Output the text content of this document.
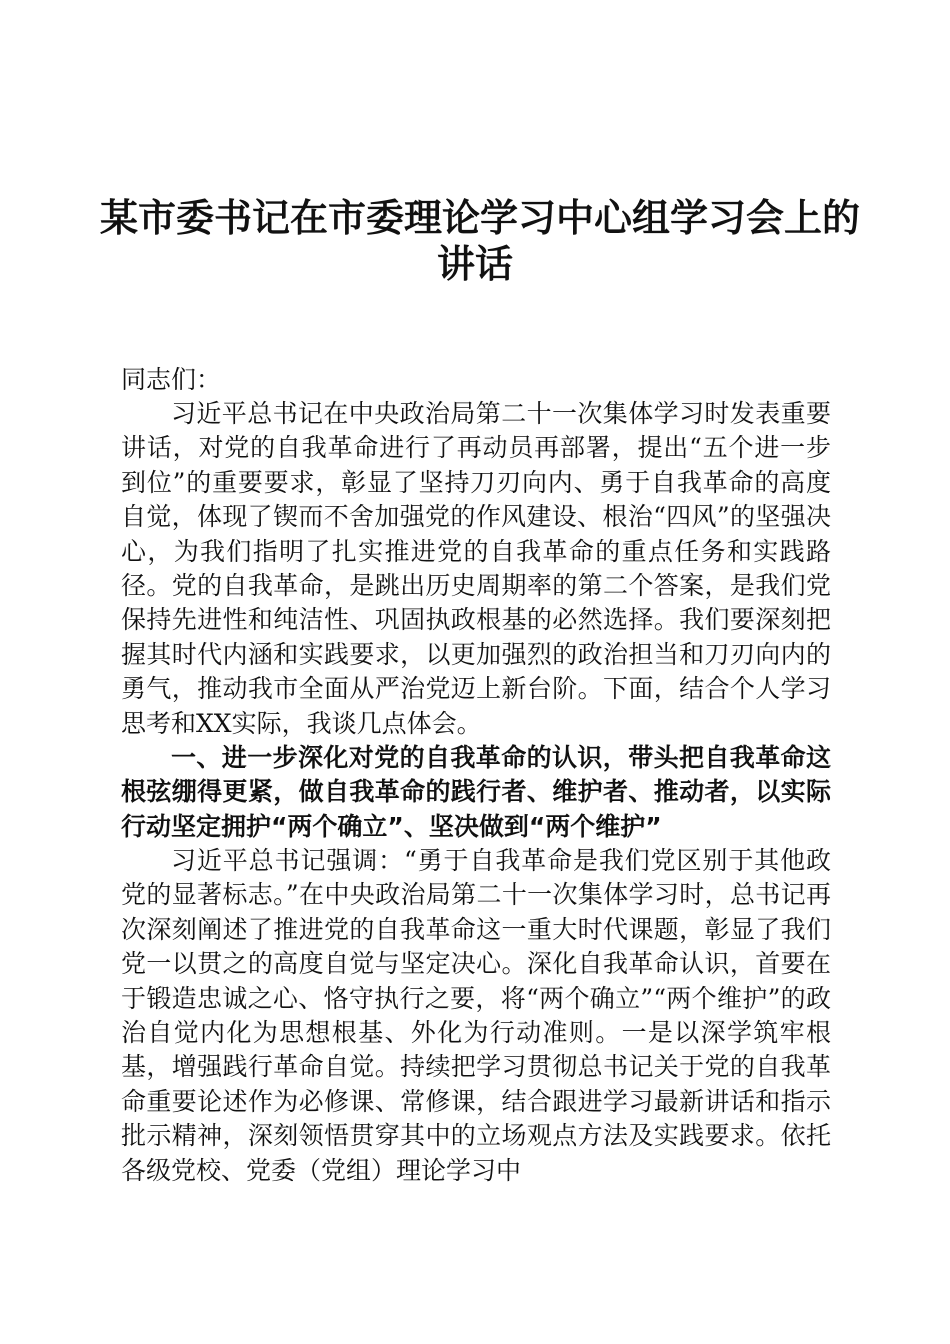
某市委书记在市委理论学习中心组学习会上的
讲话

同志们：

习近平总书记在中央政治局第二十一次集体学习时发表重要讲话，对党的自我革命进行了再动员再部署，提出“五个进一步到位”的重要要求，彰显了坚持刀刃向内、勇于自我革命的高度自觉，体现了锲而不舍加强党的作风建设、根治“四风”的坚强决心，为我们指明了扎实推进党的自我革命的重点任务和实践路径。党的自我革命，是跳出历史周期率的第二个答案，是我们党保持先进性和纯洁性、巩固执政根基的必然选择。我们要深刻把握其时代内涵和实践要求，以更加强烈的政治担当和刀刃向内的勇气，推动我市全面从严治党迈上新台阶。下面，结合个人学习思考和XX实际，我谈几点体会。

一、进一步深化对党的自我革命的认识，带头把自我革命这根弦绷得更紧，做自我革命的践行者、维护者、推动者，以实际行动坚定拥护“两个确立”、坚决做到“两个维护”

习近平总书记强调：“勇于自我革命是我们党区别于其他政党的显著标志。”在中央政治局第二十一次集体学习时，总书记再次深刻阐述了推进党的自我革命这一重大时代课题，彰显了我们党一以贯之的高度自觉与坚定决心。深化自我革命认识，首要在于锻造忠诚之心、恪守执行之要，将“两个确立”“两个维护”的政治自觉内化为思想根基、外化为行动准则。一是以深学筑牢根基，增强践行革命自觉。持续把学习贯彻总书记关于党的自我革命重要论述作为必修课、常修课，结合跟进学习最新讲话和指示批示精神，深刻领悟贯穿其中的立场观点方法及实践要求。依托各级党校、党委（党组）理论学习中
